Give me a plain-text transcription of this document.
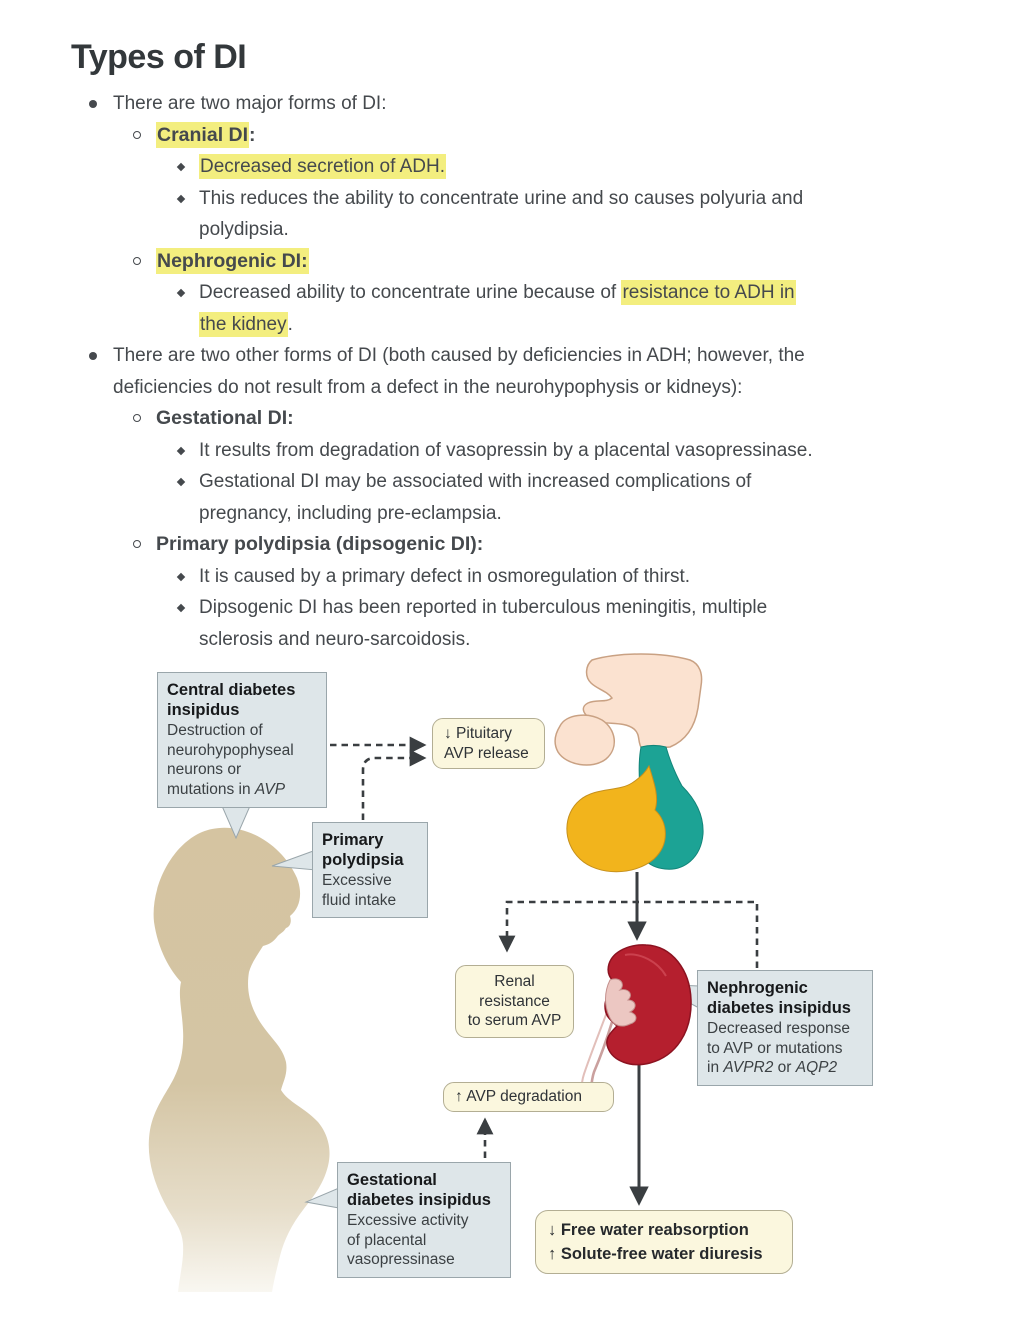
Types of DI
There are two major forms of DI:
Cranial DI:
Decreased secretion of ADH.
This reduces the ability to concentrate urine and so causes polyuria and
polydipsia.
Nephrogenic DI:
Decreased ability to concentrate urine because of resistance to ADH in
the kidney.
There are two other forms of DI (both caused by deficiencies in ADH; however, the
deficiencies do not result from a defect in the neurohypophysis or kidneys):
Gestational DI:
It results from degradation of vasopressin by a placental vasopressinase.
Gestational DI may be associated with increased complications of
pregnancy, including pre-eclampsia.
Primary polydipsia (dipsogenic DI):
It is caused by a primary defect in osmoregulation of thirst.
Dipsogenic DI has been reported in tuberculous meningitis, multiple
sclerosis and neuro-sarcoidosis.
Central diabetes
insipidus
Destruction of
neurohypophyseal
neurons or
mutations in AVP
↓ Pituitary
AVP release
Primary
polydipsia
Excessive
fluid intake
Renal
resistance
to serum AVP
Nephrogenic
diabetes insipidus
Decreased response
to AVP or mutations
in AVPR2 or AQP2
↑ AVP degradation
Gestational
diabetes insipidus
Excessive activity
of placental
vasopressinase
↓ Free water reabsorption
↑ Solute-free water diuresis
